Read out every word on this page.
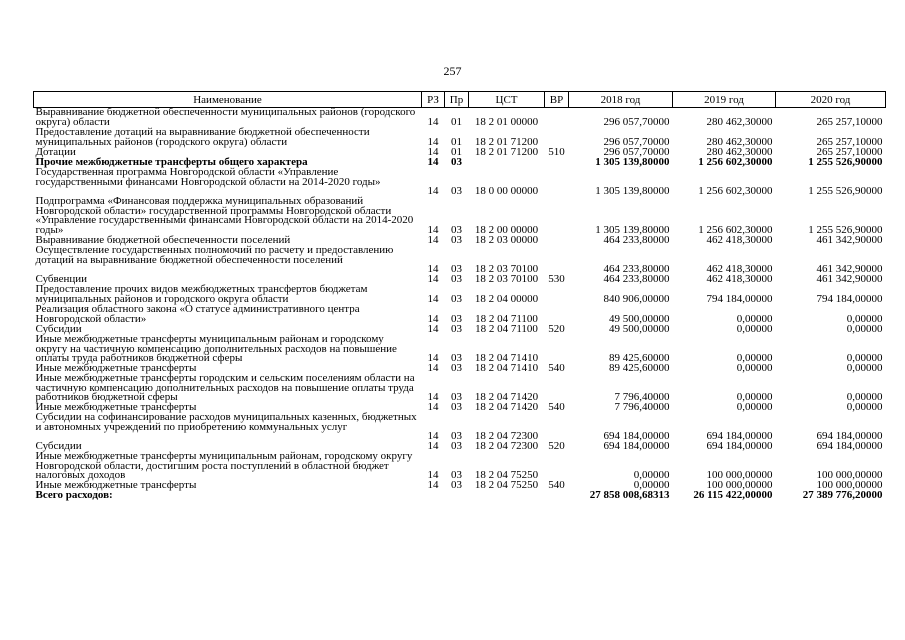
257
Наименование	РЗ	Пр	ЦСТ	ВР	2018 год	2019 год	2020 год
Выравнивание бюджетной обеспеченности муниципальных районов (городского округа) области	14	01	18 2 01 00000		296 057,70000	280 462,30000	265 257,10000
Предоставление дотаций на выравнивание бюджетной обеспеченности муниципальных районов (городского округа) области	14	01	18 2 01 71200		296 057,70000	280 462,30000	265 257,10000
Дотации	14	01	18 2 01 71200	510	296 057,70000	280 462,30000	265 257,10000
Прочие межбюджетные трансферты общего характера	14	03			1 305 139,80000	1 256 602,30000	1 255 526,90000
Государственная программа Новгородской области «Управление государственными финансами Новгородской области на 2014-2020 годы»	14	03	18 0 00 00000		1 305 139,80000	1 256 602,30000	1 255 526,90000
Подпрограмма «Финансовая поддержка муниципальных образований Новгородской области» государственной программы Новгородской области «Управление государственными финансами Новгородской области на 2014-2020 годы»	14	03	18 2 00 00000		1 305 139,80000	1 256 602,30000	1 255 526,90000
Выравнивание бюджетной обеспеченности поселений	14	03	18 2 03 00000		464 233,80000	462 418,30000	461 342,90000
Осуществление государственных полномочий по расчету и предоставлению дотаций на выравнивание бюджетной обеспеченности поселений	14	03	18 2 03 70100		464 233,80000	462 418,30000	461 342,90000
Субвенции	14	03	18 2 03 70100	530	464 233,80000	462 418,30000	461 342,90000
Предоставление прочих видов межбюджетных трансфертов бюджетам муниципальных районов и городского округа области	14	03	18 2 04 00000		840 906,00000	794 184,00000	794 184,00000
Реализация областного закона «О статусе административного центра Новгородской области»	14	03	18 2 04 71100		49 500,00000	0,00000	0,00000
Субсидии	14	03	18 2 04 71100	520	49 500,00000	0,00000	0,00000
Иные межбюджетные трансферты муниципальным районам и городскому округу на частичную компенсацию дополнительных расходов на повышение оплаты труда работников бюджетной сферы	14	03	18 2 04 71410		89 425,60000	0,00000	0,00000
Иные межбюджетные трансферты	14	03	18 2 04 71410	540	89 425,60000	0,00000	0,00000
Иные межбюджетные трансферты городским и сельским поселениям области на частичную компенсацию дополнительных расходов на повышение оплаты труда работников бюджетной сферы	14	03	18 2 04 71420		7 796,40000	0,00000	0,00000
Иные межбюджетные трансферты	14	03	18 2 04 71420	540	7 796,40000	0,00000	0,00000
Субсидии на софинансирование расходов муниципальных казенных, бюджетных и автономных учреждений по приобретению коммунальных услуг	14	03	18 2 04 72300		694 184,00000	694 184,00000	694 184,00000
Субсидии	14	03	18 2 04 72300	520	694 184,00000	694 184,00000	694 184,00000
Иные межбюджетные трансферты муниципальным районам, городскому округу Новгородской области, достигшим роста поступлений в областной бюджет налоговых доходов	14	03	18 2 04 75250		0,00000	100 000,00000	100 000,00000
Иные межбюджетные трансферты	14	03	18 2 04 75250	540	0,00000	100 000,00000	100 000,00000
Всего расходов:					27 858 008,68313	26 115 422,00000	27 389 776,20000
